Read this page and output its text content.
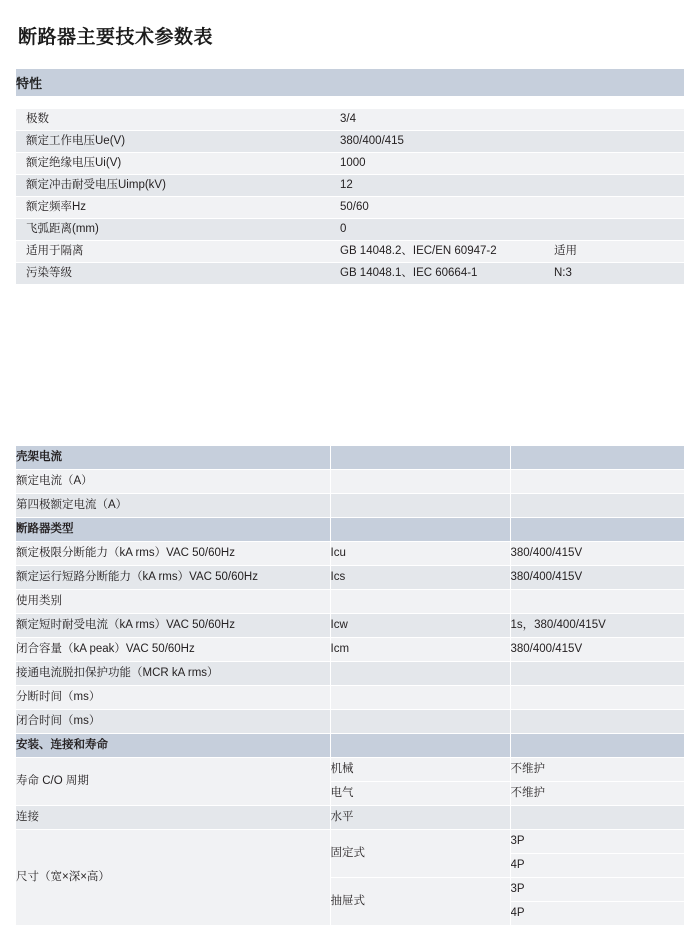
断路器主要技术参数表
特性		

极数	3/4	

额定工作电压Ue(V)	380/400/415	

额定绝缘电压Ui(V)	1000	

额定冲击耐受电压Uimp(kV)	12	

额定频率Hz	50/60	

飞弧距离(mm)	0	

适用于隔离	GB 14048.2、IEC/EN 60947-2	适用

污染等级	GB 14048.1、IEC 60664-1	N:3
壳架电流		
额定电流（A）		
第四极额定电流（A）		
断路器类型		
额定极限分断能力（kA rms）VAC 50/60Hz	Icu	380/400/415V
额定运行短路分断能力（kA rms）VAC 50/60Hz	Ics	380/400/415V
使用类别		
额定短时耐受电流（kA rms）VAC 50/60Hz	Icw	1s，380/400/415V
闭合容量（kA peak）VAC 50/60Hz	Icm	380/400/415V
接通电流脱扣保护功能（MCR kA rms）		
分断时间（ms）		
闭合时间（ms）		
安装、连接和寿命		
寿命 C/O 周期	机械	不维护
	电气	不维护
连接	水平	
尺寸（宽×深×高）	固定式	3P
		4P
	抽屉式	3P
		4P
